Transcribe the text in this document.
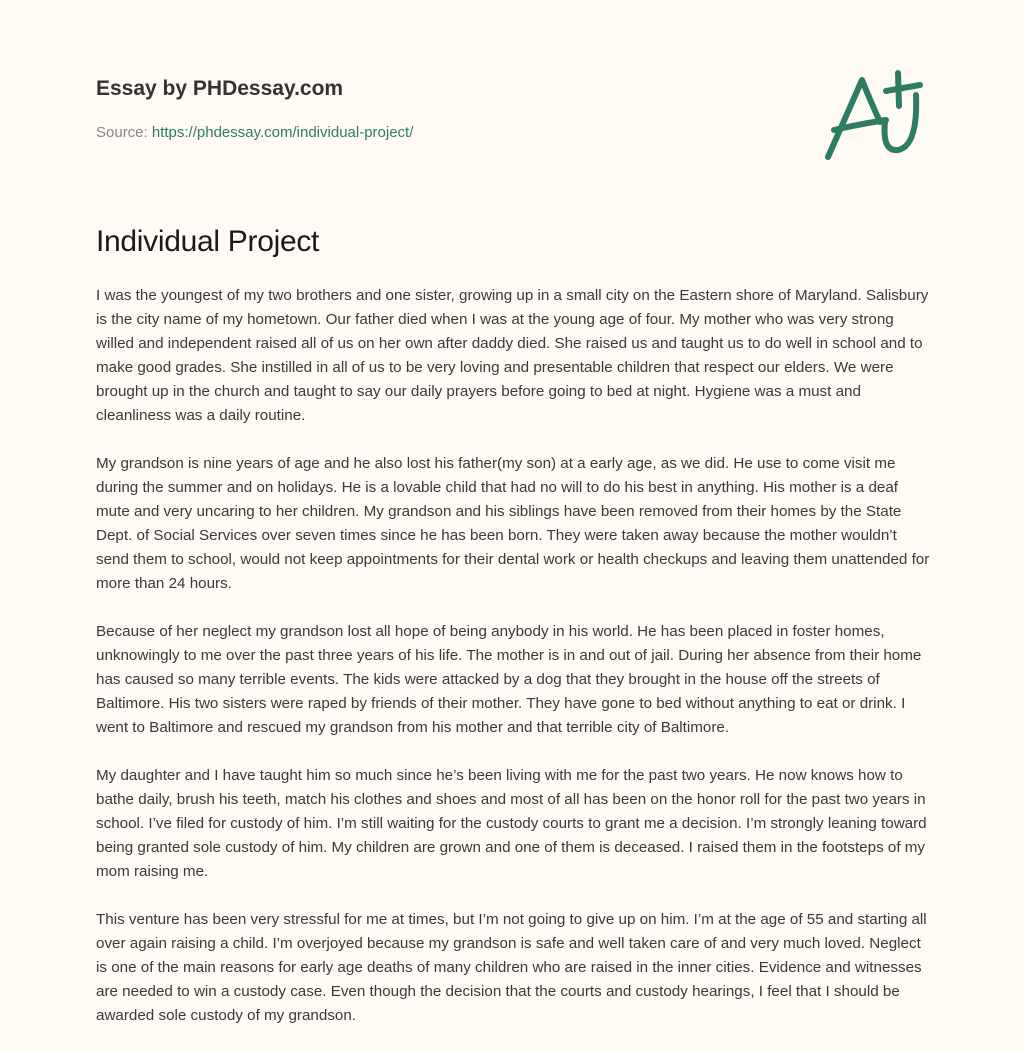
Essay by PHDessay.com
Source: https://phdessay.com/individual-project/
Individual Project

I was the youngest of my two brothers and one sister, growing up in a small city on the Eastern shore of Maryland. Salisbury is the city name of my hometown. Our father died when I was at the young age of four. My mother who was very strong willed and independent raised all of us on her own after daddy died. She raised us and taught us to do well in school and to make good grades. She instilled in all of us to be very loving and presentable children that respect our elders. We were brought up in the church and taught to say our daily prayers before going to bed at night. Hygiene was a must and cleanliness was a daily routine.

My grandson is nine years of age and he also lost his father(my son) at a early age, as we did. He use to come visit me during the summer and on holidays. He is a lovable child that had no will to do his best in anything. His mother is a deaf mute and very uncaring to her children. My grandson and his siblings have been removed from their homes by the State Dept. of Social Services over seven times since he has been born. They were taken away because the mother wouldn’t send them to school, would not keep appointments for their dental work or health checkups and leaving them unattended for more than 24 hours.

Because of her neglect my grandson lost all hope of being anybody in his world. He has been placed in foster homes, unknowingly to me over the past three years of his life. The mother is in and out of jail. During her absence from their home has caused so many terrible events. The kids were attacked by a dog that they brought in the house off the streets of Baltimore. His two sisters were raped by friends of their mother. They have gone to bed without anything to eat or drink. I went to Baltimore and rescued my grandson from his mother and that terrible city of Baltimore.

My daughter and I have taught him so much since he’s been living with me for the past two years. He now knows how to bathe daily, brush his teeth, match his clothes and shoes and most of all has been on the honor roll for the past two years in school. I’ve filed for custody of him. I’m still waiting for the custody courts to grant me a decision. I’m strongly leaning toward being granted sole custody of him. My children are grown and one of them is deceased. I raised them in the footsteps of my mom raising me.

This venture has been very stressful for me at times, but I’m not going to give up on him. I’m at the age of 55 and starting all over again raising a child. I’m overjoyed because my grandson is safe and well taken care of and very much loved. Neglect is one of the main reasons for early age deaths of many children who are raised in the inner cities. Evidence and witnesses are needed to win a custody case. Even though the decision that the courts and custody hearings, I feel that I should be awarded sole custody of my grandson.
